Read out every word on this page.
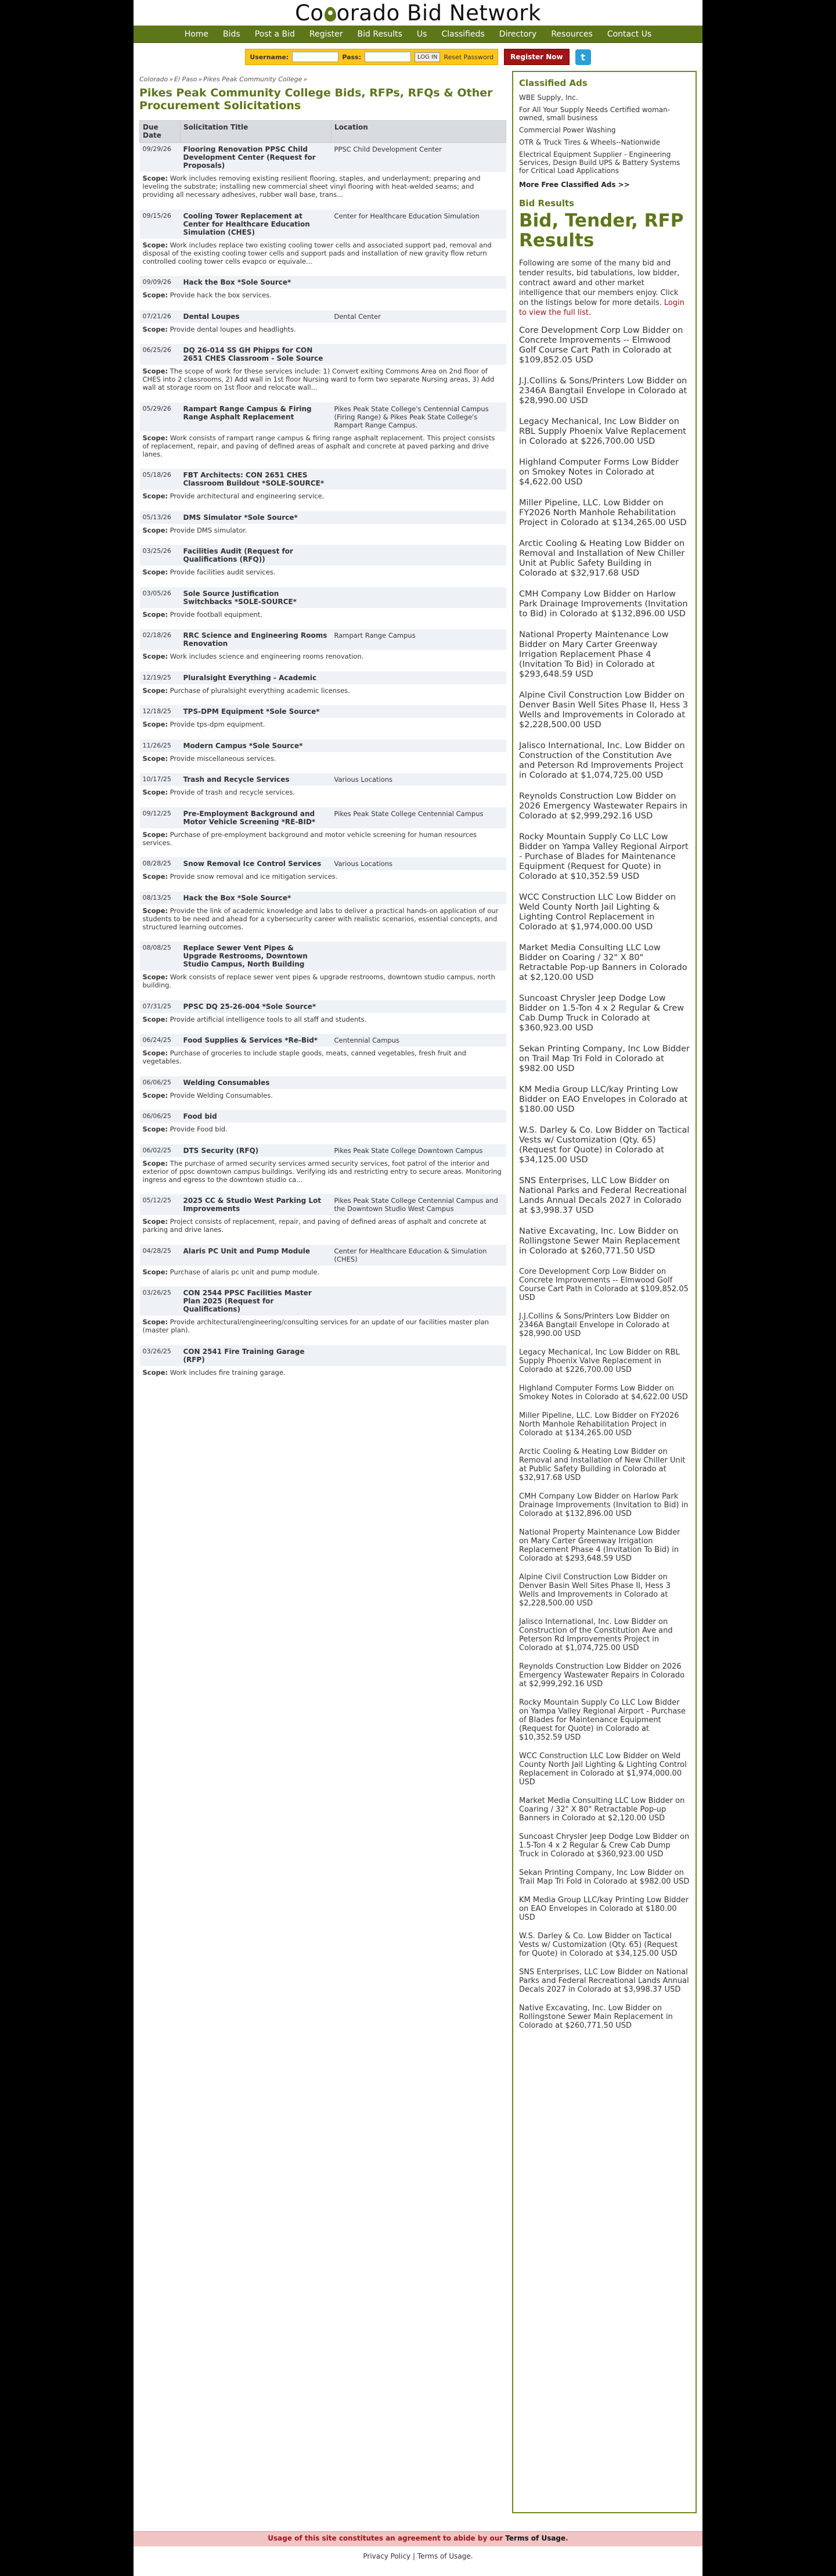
Co orado Bid Network
Home Bids Post a Bid Register Bid Results Us Classifieds Directory Resources Contact Us
Username:	Pass:	LOG IN	Reset Password	Register Now	t
Colorado » El Paso » Pikes Peak Community College »
Pikes Peak Community College Bids, RFPs, RFQs & Other Procurement Solicitations
Due Date	Solicitation Title	Location
09/29/26	Flooring Renovation PPSC Child Development Center (Request for Proposals)	PPSC Child Development Center
Scope: Work includes removing existing resilient flooring, staples, and underlayment; preparing and leveling the substrate; installing new commercial sheet vinyl flooring with heat-welded seams; and providing all necessary adhesives, rubber wall base, trans...		

09/15/26	Cooling Tower Replacement at Center for Healthcare Education Simulation (CHES)	Center for Healthcare Education Simulation
Scope: Work includes replace two existing cooling tower cells and associated support pad, removal and disposal of the existing cooling tower cells and support pads and installation of new gravity flow return controlled cooling tower cells evapco or equivale...		

09/09/26	Hack the Box *Sole Source*	
Scope: Provide hack the box services.		

07/21/26	Dental Loupes	Dental Center
Scope: Provide dental loupes and headlights.		

06/25/26	DQ 26-014 SS GH Phipps for CON 2651 CHES Classroom - Sole Source	
Scope: The scope of work for these services include: 1) Convert exiting Commons Area on 2nd floor of CHES into 2 classrooms, 2) Add wall in 1st floor Nursing ward to form two separate Nursing areas, 3) Add wall at storage room on 1st floor and relocate wall...		

05/29/26	Rampart Range Campus & Firing Range Asphalt Replacement	Pikes Peak State College's Centennial Campus (Firing Range) & Pikes Peak State College's Rampart Range Campus.
Scope: Work consists of rampart range campus & firing range asphalt replacement. This project consists of replacement, repair, and paving of defined areas of asphalt and concrete at paved parking and drive lanes.		

05/18/26	FBT Architects: CON 2651 CHES Classroom Buildout *SOLE-SOURCE*	
Scope: Provide architectural and engineering service.		

05/13/26	DMS Simulator *Sole Source*	
Scope: Provide DMS simulator.		

03/25/26	Facilities Audit (Request for Qualifications (RFQ))	
Scope: Provide facilities audit services.		

03/05/26	Sole Source Justification Switchbacks *SOLE-SOURCE*	
Scope: Provide football equipment.		

02/18/26	RRC Science and Engineering Rooms Renovation	Rampart Range Campus
Scope: Work includes science and engineering rooms renovation.		

12/19/25	Pluralsight Everything - Academic	
Scope: Purchase of pluralsight everything academic licenses.		

12/18/25	TPS-DPM Equipment *Sole Source*	
Scope: Provide tps-dpm equipment.		

11/26/25	Modern Campus *Sole Source*	
Scope: Provide miscellaneous services.		

10/17/25	Trash and Recycle Services	Various Locations
Scope: Provide of trash and recycle services.		

09/12/25	Pre-Employment Background and Motor Vehicle Screening *RE-BID*	Pikes Peak State College Centennial Campus
Scope: Purchase of pre-employment background and motor vehicle screening for human resources services.		

08/28/25	Snow Removal Ice Control Services	Various Locations
Scope: Provide snow removal and ice mitigation services.		

08/13/25	Hack the Box *Sole Source*	
Scope: Provide the link of academic knowledge and labs to deliver a practical hands-on application of our students to be need and ahead for a cybersecurity career with realistic scenarios, essential concepts, and structured learning outcomes.		

08/08/25	Replace Sewer Vent Pipes & Upgrade Restrooms, Downtown Studio Campus, North Building	
Scope: Work consists of replace sewer vent pipes & upgrade restrooms, downtown studio campus, north building.		

07/31/25	PPSC DQ 25-26-004 *Sole Source*	
Scope: Provide artificial intelligence tools to all staff and students.		

06/24/25	Food Supplies & Services *Re-Bid*	Centennial Campus
Scope: Purchase of groceries to include staple goods, meats, canned vegetables, fresh fruit and vegetables.		

06/06/25	Welding Consumables	
Scope: Provide Welding Consumables.		

06/06/25	Food bid	
Scope: Provide Food bid.		

06/02/25	DTS Security (RFQ)	Pikes Peak State College Downtown Campus
Scope: The purchase of armed security services armed security services, foot patrol of the interior and exterior of ppsc downtown campus buildings. Verifying ids and restricting entry to secure areas. Monitoring ingress and egress to the downtown studio ca...		

05/12/25	2025 CC & Studio West Parking Lot Improvements	Pikes Peak State College Centennial Campus and the Downtown Studio West Campus
Scope: Project consists of replacement, repair, and paving of defined areas of asphalt and concrete at parking and drive lanes.		

04/28/25	Alaris PC Unit and Pump Module	Center for Healthcare Education & Simulation (CHES)
Scope: Purchase of alaris pc unit and pump module.		

03/26/25	CON 2544 PPSC Facilities Master Plan 2025 (Request for Qualifications)	
Scope: Provide architectural/engineering/consulting services for an update of our facilities master plan (master plan).		

03/26/25	CON 2541 Fire Training Garage (RFP)	
Scope: Work includes fire training garage.		

Classified Ads
WBE Supply, Inc.
For All Your Supply Needs Certified woman-owned, small business
Commercial Power Washing
OTR & Truck Tires & Wheels--Nationwide
Electrical Equipment Supplier - Engineering Services, Design Build UPS & Battery Systems for Critical Load Applications
More Free Classified Ads >>
Bid Results
Bid, Tender, RFP Results
Following are some of the many bid and tender results, bid tabulations, low bidder, contract award and other market intelligence that our members enjoy. Click on the listings below for more details. Login to view the full list.
Core Development Corp Low Bidder on Concrete Improvements -- Elmwood Golf Course Cart Path in Colorado at $109,852.05 USD
J.J.Collins & Sons/Printers Low Bidder on 2346A Bangtail Envelope in Colorado at $28,990.00 USD
Legacy Mechanical, Inc Low Bidder on RBL Supply Phoenix Valve Replacement in Colorado at $226,700.00 USD
Highland Computer Forms Low Bidder on Smokey Notes in Colorado at $4,622.00 USD
Miller Pipeline, LLC. Low Bidder on FY2026 North Manhole Rehabilitation Project in Colorado at $134,265.00 USD
Arctic Cooling & Heating Low Bidder on Removal and Installation of New Chiller Unit at Public Safety Building in Colorado at $32,917.68 USD
CMH Company Low Bidder on Harlow Park Drainage Improvements (Invitation to Bid) in Colorado at $132,896.00 USD
National Property Maintenance Low Bidder on Mary Carter Greenway Irrigation Replacement Phase 4 (Invitation To Bid) in Colorado at $293,648.59 USD
Alpine Civil Construction Low Bidder on Denver Basin Well Sites Phase II, Hess 3 Wells and Improvements in Colorado at $2,228,500.00 USD
Jalisco International, Inc. Low Bidder on Construction of the Constitution Ave and Peterson Rd Improvements Project in Colorado at $1,074,725.00 USD
Reynolds Construction Low Bidder on 2026 Emergency Wastewater Repairs in Colorado at $2,999,292.16 USD
Rocky Mountain Supply Co LLC Low Bidder on Yampa Valley Regional Airport - Purchase of Blades for Maintenance Equipment (Request for Quote) in Colorado at $10,352.59 USD
WCC Construction LLC Low Bidder on Weld County North Jail Lighting & Lighting Control Replacement in Colorado at $1,974,000.00 USD
Market Media Consulting LLC Low Bidder on Coaring / 32" X 80" Retractable Pop-up Banners in Colorado at $2,120.00 USD
Suncoast Chrysler Jeep Dodge Low Bidder on 1.5-Ton 4 x 2 Regular & Crew Cab Dump Truck in Colorado at $360,923.00 USD
Sekan Printing Company, Inc Low Bidder on Trail Map Tri Fold in Colorado at $982.00 USD
KM Media Group LLC/kay Printing Low Bidder on EAO Envelopes in Colorado at $180.00 USD
W.S. Darley & Co. Low Bidder on Tactical Vests w/ Customization (Qty. 65) (Request for Quote) in Colorado at $34,125.00 USD
SNS Enterprises, LLC Low Bidder on National Parks and Federal Recreational Lands Annual Decals 2027 in Colorado at $3,998.37 USD
Native Excavating, Inc. Low Bidder on Rollingstone Sewer Main Replacement in Colorado at $260,771.50 USD
Core Development Corp Low Bidder on Concrete Improvements -- Elmwood Golf Course Cart Path in Colorado at $109,852.05 USD
J.J.Collins & Sons/Printers Low Bidder on 2346A Bangtail Envelope in Colorado at $28,990.00 USD
Legacy Mechanical, Inc Low Bidder on RBL Supply Phoenix Valve Replacement in Colorado at $226,700.00 USD
Highland Computer Forms Low Bidder on Smokey Notes in Colorado at $4,622.00 USD
Miller Pipeline, LLC. Low Bidder on FY2026 North Manhole Rehabilitation Project in Colorado at $134,265.00 USD
Arctic Cooling & Heating Low Bidder on Removal and Installation of New Chiller Unit at Public Safety Building in Colorado at $32,917.68 USD
CMH Company Low Bidder on Harlow Park Drainage Improvements (Invitation to Bid) in Colorado at $132,896.00 USD
National Property Maintenance Low Bidder on Mary Carter Greenway Irrigation Replacement Phase 4 (Invitation To Bid) in Colorado at $293,648.59 USD
Alpine Civil Construction Low Bidder on Denver Basin Well Sites Phase II, Hess 3 Wells and Improvements in Colorado at $2,228,500.00 USD
Jalisco International, Inc. Low Bidder on Construction of the Constitution Ave and Peterson Rd Improvements Project in Colorado at $1,074,725.00 USD
Reynolds Construction Low Bidder on 2026 Emergency Wastewater Repairs in Colorado at $2,999,292.16 USD
Rocky Mountain Supply Co LLC Low Bidder on Yampa Valley Regional Airport - Purchase of Blades for Maintenance Equipment (Request for Quote) in Colorado at $10,352.59 USD
WCC Construction LLC Low Bidder on Weld County North Jail Lighting & Lighting Control Replacement in Colorado at $1,974,000.00 USD
Market Media Consulting LLC Low Bidder on Coaring / 32" X 80" Retractable Pop-up Banners in Colorado at $2,120.00 USD
Suncoast Chrysler Jeep Dodge Low Bidder on 1.5-Ton 4 x 2 Regular & Crew Cab Dump Truck in Colorado at $360,923.00 USD
Sekan Printing Company, Inc Low Bidder on Trail Map Tri Fold in Colorado at $982.00 USD
KM Media Group LLC/kay Printing Low Bidder on EAO Envelopes in Colorado at $180.00 USD
W.S. Darley & Co. Low Bidder on Tactical Vests w/ Customization (Qty. 65) (Request for Quote) in Colorado at $34,125.00 USD
SNS Enterprises, LLC Low Bidder on National Parks and Federal Recreational Lands Annual Decals 2027 in Colorado at $3,998.37 USD
Native Excavating, Inc. Low Bidder on Rollingstone Sewer Main Replacement in Colorado at $260,771.50 USD
Usage of this site constitutes an agreement to abide by our Terms of Usage.
Privacy Policy | Terms of Usage.
